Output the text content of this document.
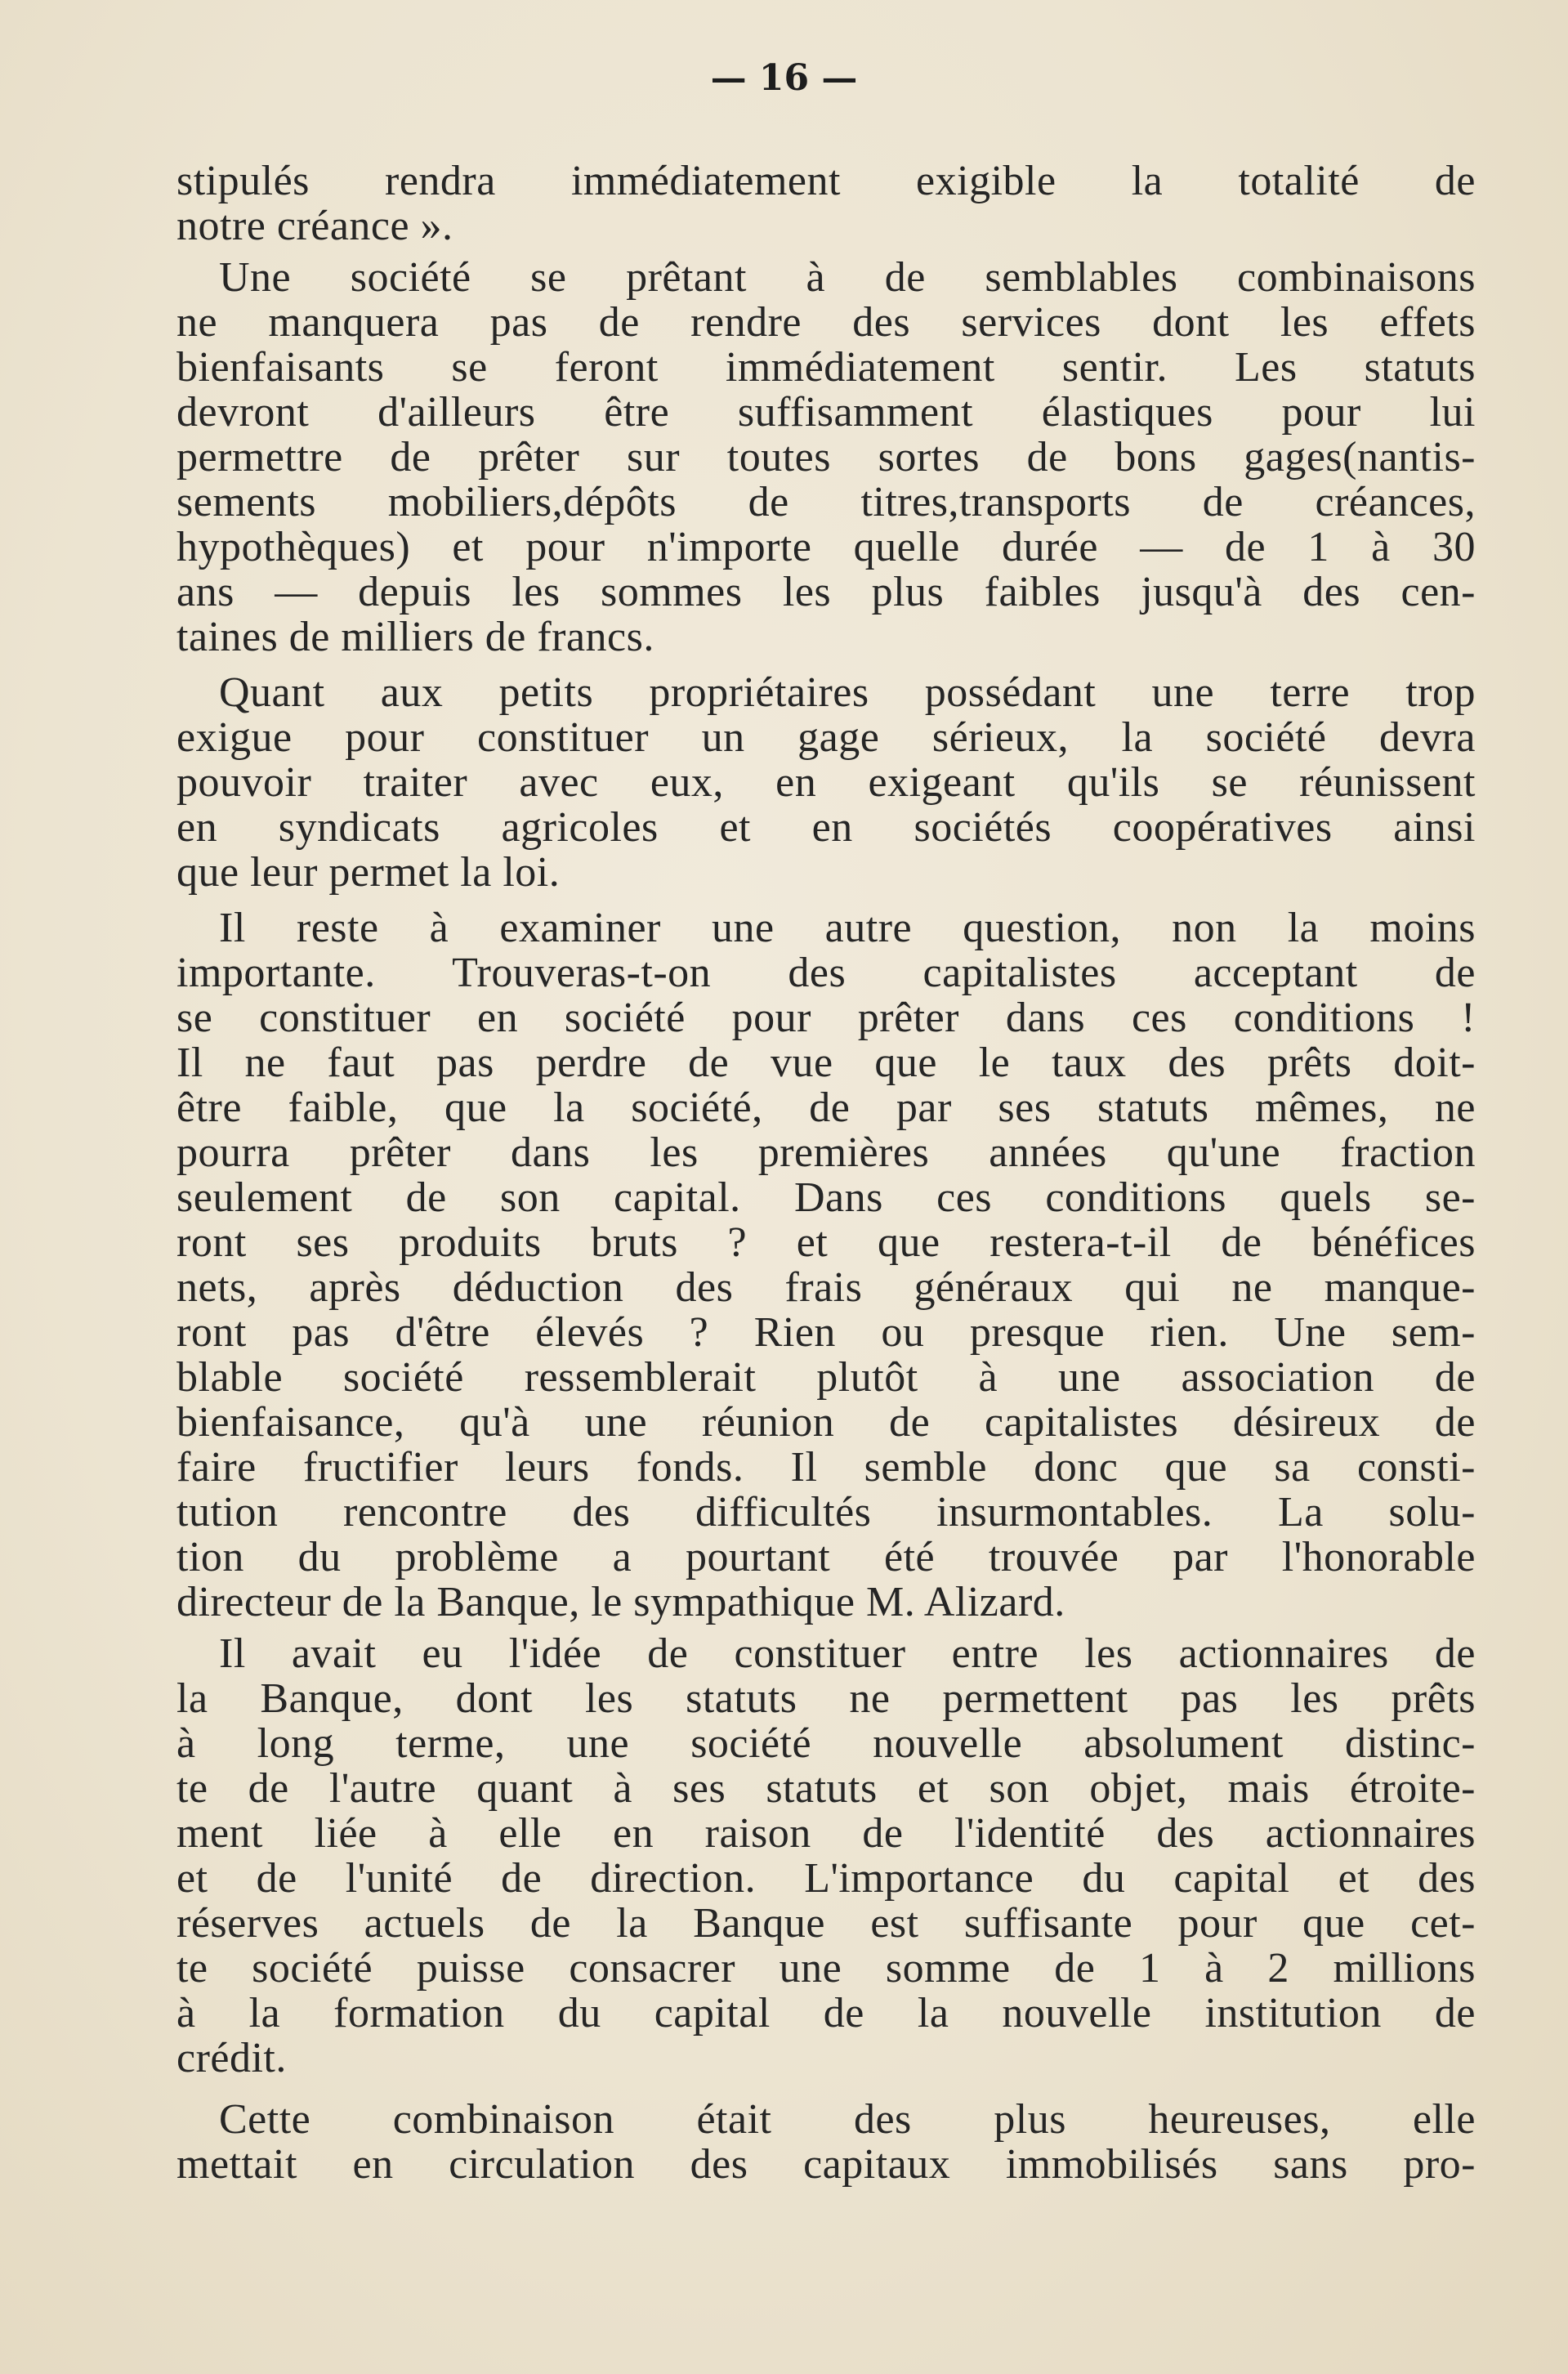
— 16 —

stipulés rendra immédiatement exigible la totalité de
notre créance ».
Une société se prêtant à de semblables combinaisons
ne manquera pas de rendre des services dont les effets
bienfaisants se feront immédiatement sentir. Les statuts
devront d'ailleurs être suffisamment élastiques pour lui
permettre de prêter sur toutes sortes de bons gages(nantis-
sements mobiliers,dépôts de titres,transports de créances,
hypothèques) et pour n'importe quelle durée — de 1 à 30
ans — depuis les sommes les plus faibles jusqu'à des cen-
taines de milliers de francs.
Quant aux petits propriétaires possédant une terre trop
exigue pour constituer un gage sérieux, la société devra
pouvoir traiter avec eux, en exigeant qu'ils se réunissent
en syndicats agricoles et en sociétés coopératives ainsi
que leur permet la loi.
Il reste à examiner une autre question, non la moins
importante. Trouveras-t-on des capitalistes acceptant de
se constituer en société pour prêter dans ces conditions !
Il ne faut pas perdre de vue que le taux des prêts doit-
être faible, que la société, de par ses statuts mêmes, ne
pourra prêter dans les premières années qu'une fraction
seulement de son capital. Dans ces conditions quels se-
ront ses produits bruts ? et que restera-t-il de bénéfices
nets, après déduction des frais généraux qui ne manque-
ront pas d'être élevés ? Rien ou presque rien. Une sem-
blable société ressemblerait plutôt à une association de
bienfaisance, qu'à une réunion de capitalistes désireux de
faire fructifier leurs fonds. Il semble donc que sa consti-
tution rencontre des difficultés insurmontables. La solu-
tion du problème a pourtant été trouvée par l'honorable
directeur de la Banque, le sympathique M. Alizard.
Il avait eu l'idée de constituer entre les actionnaires de
la Banque, dont les statuts ne permettent pas les prêts
à long terme, une société nouvelle absolument distinc-
te de l'autre quant à ses statuts et son objet, mais étroite-
ment liée à elle en raison de l'identité des actionnaires
et de l'unité de direction. L'importance du capital et des
réserves actuels de la Banque est suffisante pour que cet-
te société puisse consacrer une somme de 1 à 2 millions
à la formation du capital de la nouvelle institution de
crédit.
Cette combinaison était des plus heureuses, elle
mettait en circulation des capitaux immobilisés sans pro-
